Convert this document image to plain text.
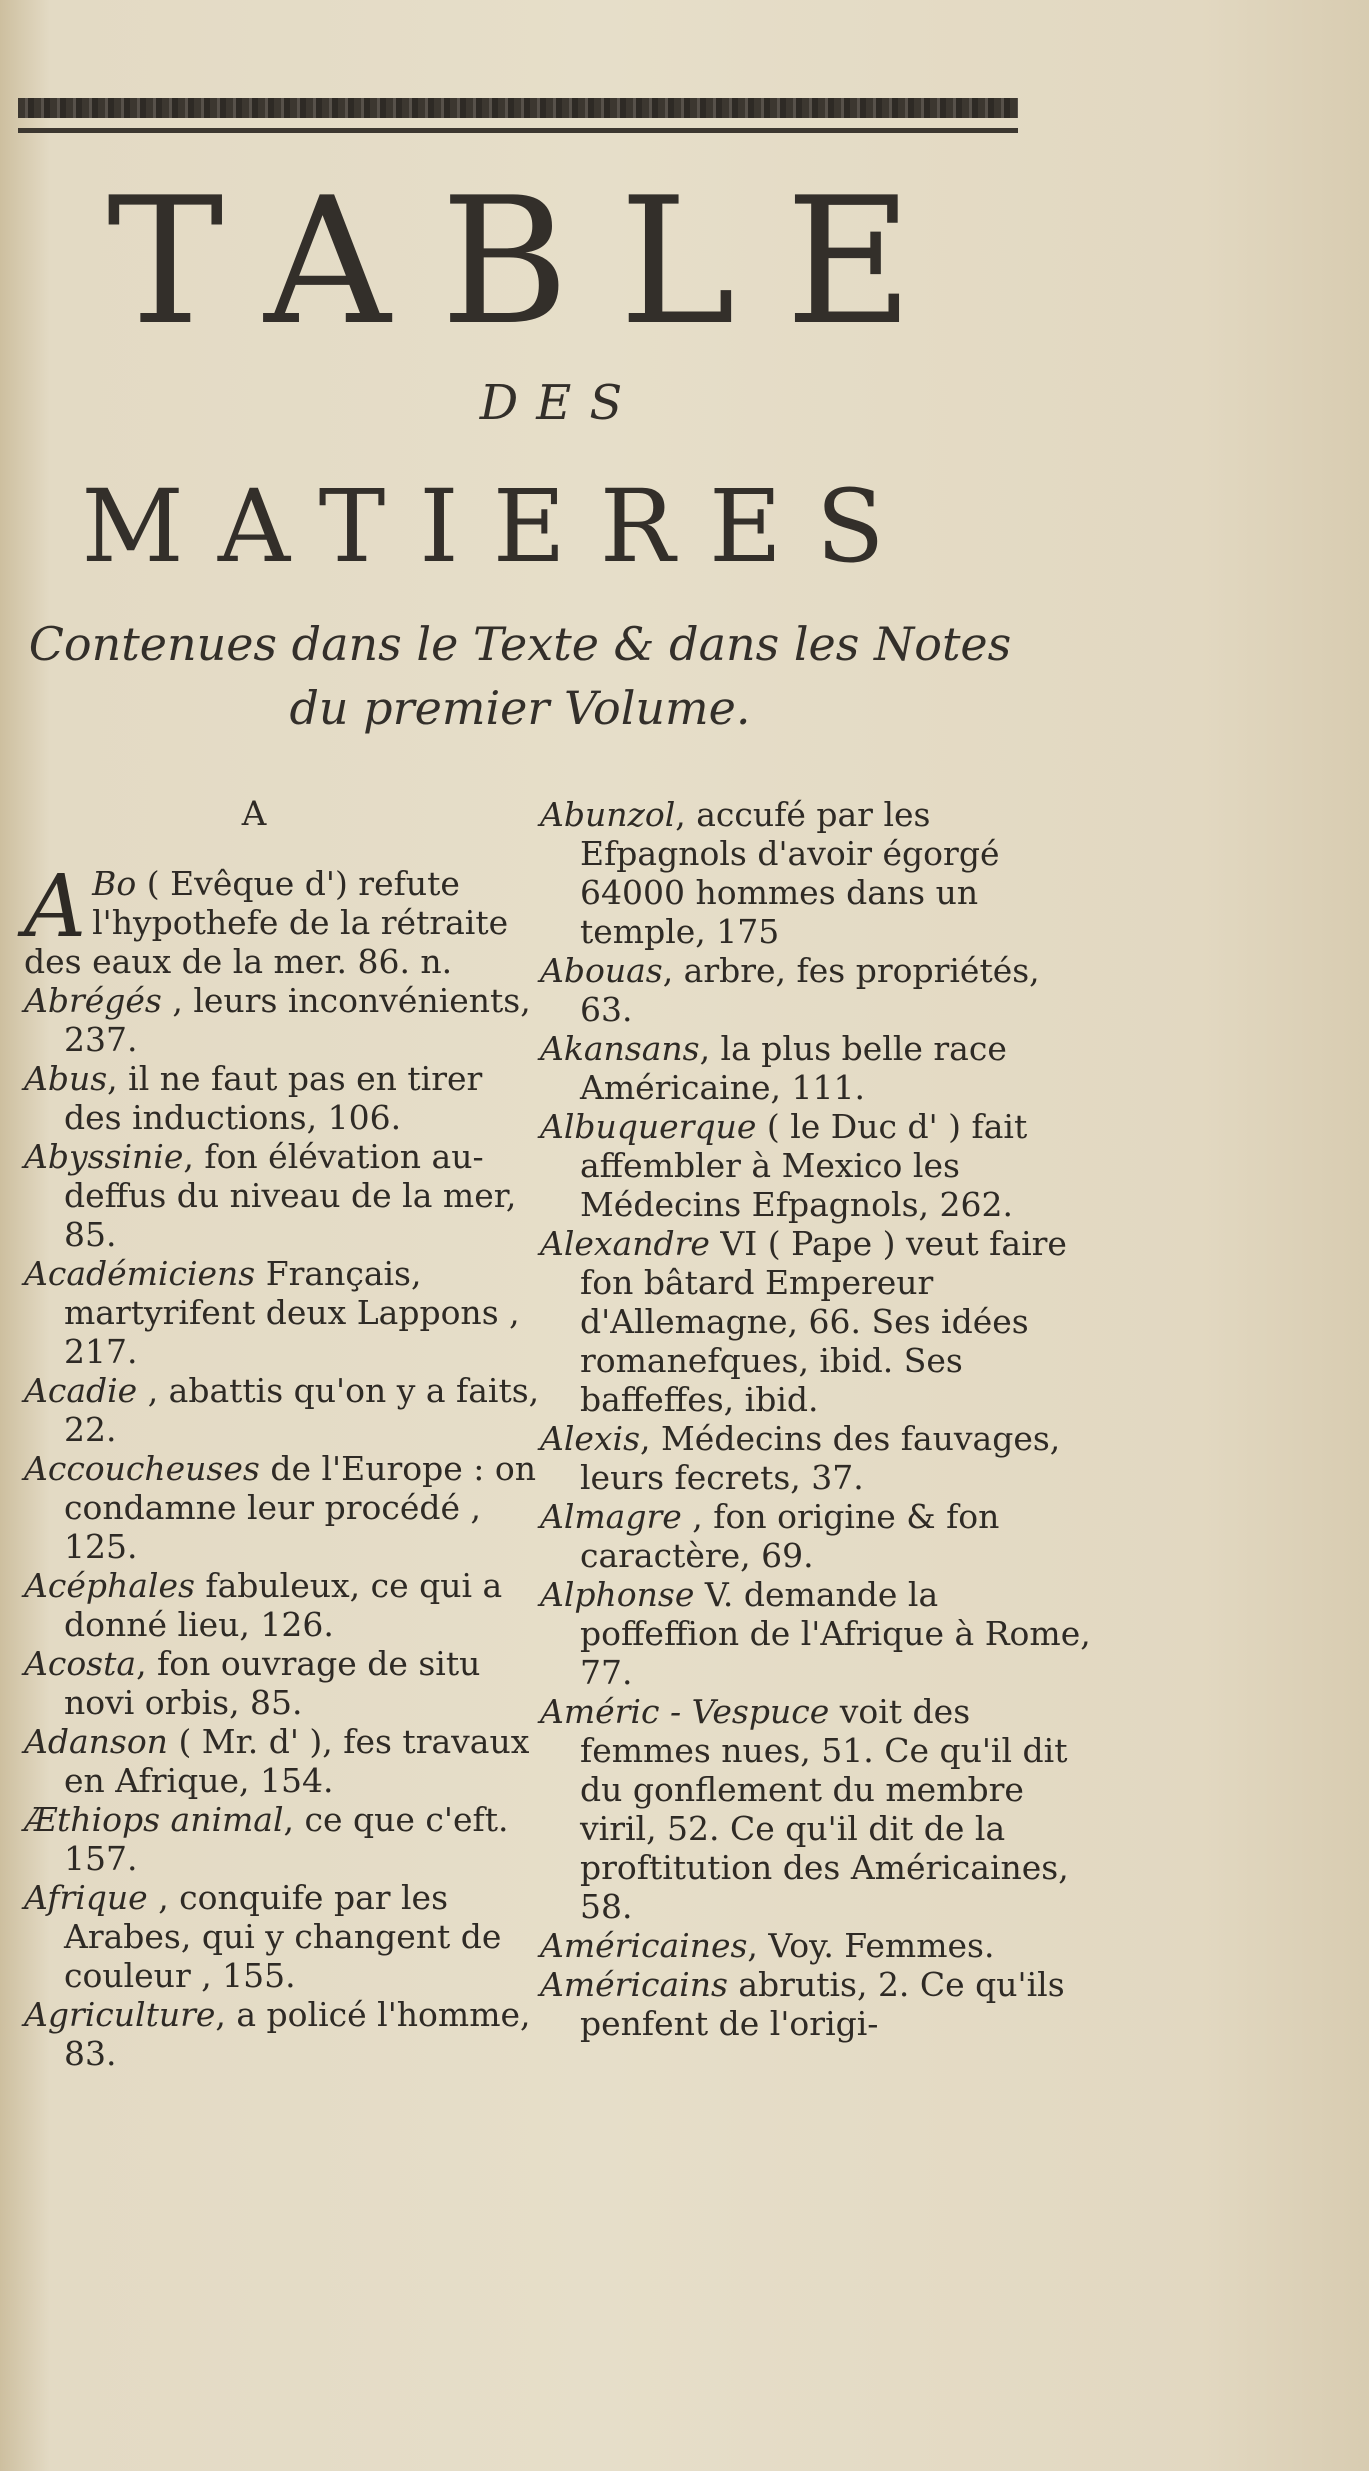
TABLE
DES
MATIERES
Contenues dans le Texte & dans les Notes
du premier Volume.
A

ABo ( Evêque d') refute l'hypothefe de la rétraite des eaux de la mer. 86. n.

Abrégés , leurs inconvénients, 237.

Abus, il ne faut pas en tirer des inductions, 106.

Abyssinie, fon élévation au-deffus du niveau de la mer, 85.

Académiciens Français, martyrifent deux Lappons , 217.

Acadie , abattis qu'on y a faits, 22.

Accoucheuses de l'Europe : on condamne leur procédé , 125.

Acéphales fabuleux, ce qui a donné lieu, 126.

Acosta, fon ouvrage de situ novi orbis, 85.

Adanson ( Mr. d' ), fes travaux en Afrique, 154.

Æthiops animal, ce que c'eft. 157.

Afrique , conquife par les Arabes, qui y changent de couleur , 155.

Agriculture, a policé l'homme, 83.

Abunzol, accufé par les Efpagnols d'avoir égorgé 64000 hommes dans un temple, 175

Abouas, arbre, fes propriétés, 63.

Akansans, la plus belle race Américaine, 111.

Albuquerque ( le Duc d' ) fait affembler à Mexico les Médecins Efpagnols, 262.

Alexandre VI ( Pape ) veut faire fon bâtard Empereur d'Allemagne, 66. Ses idées romanefques, ibid. Ses baffeffes, ibid.

Alexis, Médecins des fauvages, leurs fecrets, 37.

Almagre , fon origine & fon caractère, 69.

Alphonse V. demande la poffeffion de l'Afrique à Rome, 77.

Améric - Vespuce voit des femmes nues, 51. Ce qu'il dit du gonflement du membre viril, 52. Ce qu'il dit de la proftitution des Américaines, 58.

Américaines, Voy. Femmes.

Américains abrutis, 2. Ce qu'ils penfent de l'origi-
